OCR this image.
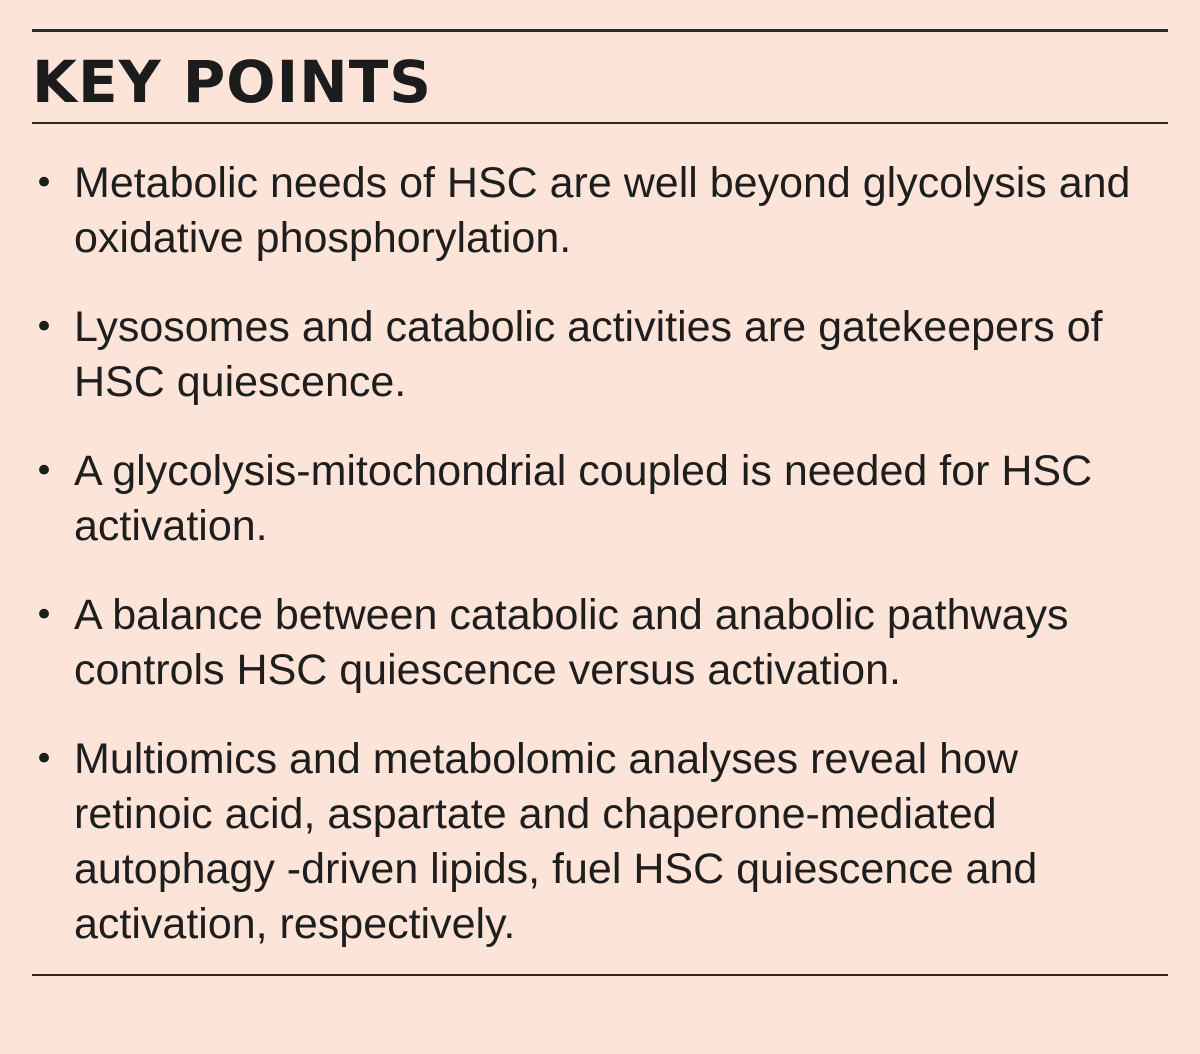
KEY POINTS
• Metabolic needs of HSC are well beyond glycolysis and oxidative phosphorylation.
• Lysosomes and catabolic activities are gatekeepers of HSC quiescence.
• A glycolysis-mitochondrial coupled is needed for HSC activation.
• A balance between catabolic and anabolic pathways controls HSC quiescence versus activation.
• Multiomics and metabolomic analyses reveal how retinoic acid, aspartate and chaperone-mediated autophagy -driven lipids, fuel HSC quiescence and activation, respectively.
